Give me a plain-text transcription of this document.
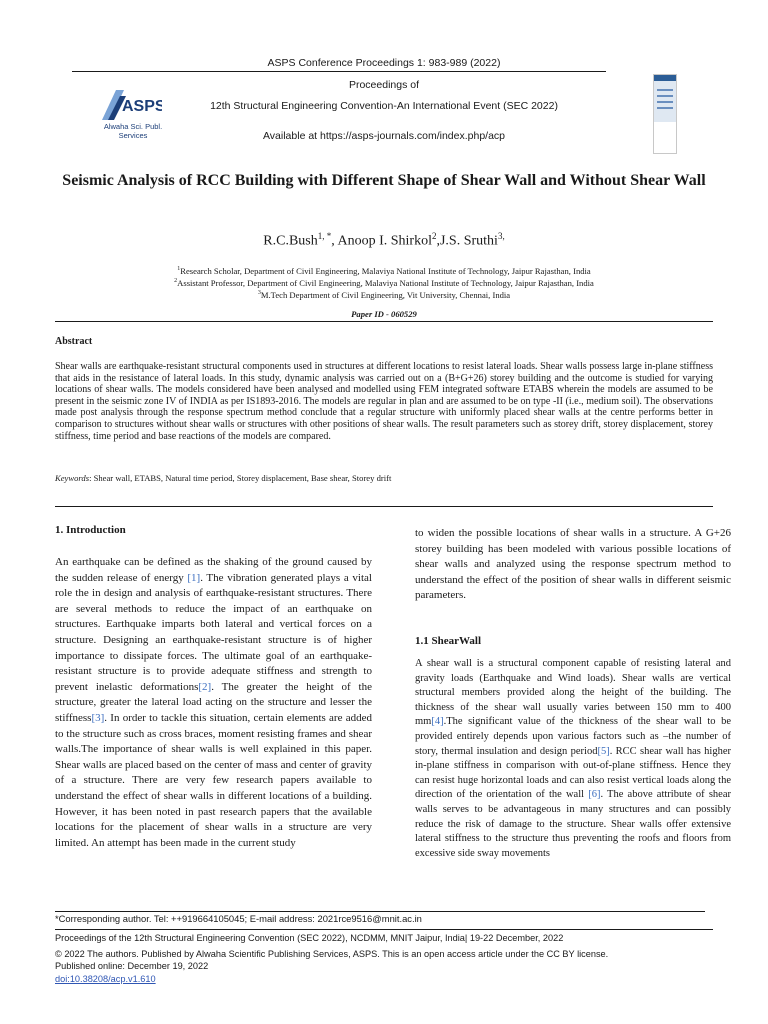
ASPS Conference Proceedings 1: 983-989 (2022)
Proceedings of
12th Structural Engineering Convention-An International Event (SEC 2022)
Available at https://asps-journals.com/index.php/acp
ASPS
Alwaha Sci. Publ. Services
Seismic Analysis of RCC Building with Different Shape of Shear Wall and Without Shear Wall
R.C.Bush$^{1, *}$, Anoop I. Shirkol$^2$,J.S. Sruthi$^{3,}$
$^1$Research Scholar, Department of Civil Engineering, Malaviya National Institute of Technology, Jaipur Rajasthan, India
$^2$Assistant Professor, Department of Civil Engineering, Malaviya National Institute of Technology, Jaipur Rajasthan, India
$^3$M.Tech Department of Civil Engineering, Vit University, Chennai, India
Paper ID - 060529
Abstract
Shear walls are earthquake-resistant structural components used in structures at different locations to resist lateral loads. Shear walls possess large in-plane stiffness that aids in the resistance of lateral loads. In this study, dynamic analysis was carried out on a (B+G+26) storey building and the outcome is studied for varying locations of shear walls. The models considered have been analysed and modelled using FEM integrated software ETABS wherein the models are assumed to be present in the seismic zone IV of INDIA as per IS1893-2016. The models are regular in plan and are assumed to be on type -II (i.e., medium soil). The observations made post analysis through the response spectrum method conclude that a regular structure with uniformly placed shear walls at the centre performs better in comparison to structures without shear walls or structures with other positions of shear walls. The result parameters such as storey drift, storey displacement, storey stiffness, time period and base reactions of the models are compared.
Keywords: Shear wall, ETABS, Natural time period, Storey displacement, Base shear, Storey drift
1. Introduction
An earthquake can be defined as the shaking of the ground caused by the sudden release of energy [1]. The vibration generated plays a vital role the in design and analysis of earthquake-resistant structures. There are several methods to reduce the impact of an earthquake on structures. Earthquake imparts both lateral and vertical forces on a structure. Designing an earthquake-resistant structure is of higher importance to dissipate forces. The ultimate goal of an earthquake-resistant structure is to provide adequate stiffness and strength to prevent inelastic deformations[2]. The greater the height of the structure, greater the lateral load acting on the structure and lesser the stiffness[3]. In order to tackle this situation, certain elements are added to the structure such as cross braces, moment resisting frames and shear walls.The importance of shear walls is well explained in this paper. Shear walls are placed based on the center of mass and center of gravity of a structure. There are very few research papers available to understand the effect of shear walls in different locations of a building. However, it has been noted in past research papers that the available locations for the placement of shear walls in a structure are very limited. An attempt has been made in the current study
to widen the possible locations of shear walls in a structure. A G+26 storey building has been modeled with various possible locations of shear walls and analyzed using the response spectrum method to understand the effect of the position of shear walls in different seismic parameters.
1.1 ShearWall
A shear wall is a structural component capable of resisting lateral and gravity loads (Earthquake and Wind loads). Shear walls are vertical structural members provided along the height of the building. The thickness of the shear wall usually varies between 150 mm to 400 mm[4].The significant value of the thickness of the shear wall to be provided entirely depends upon various factors such as –the number of story, thermal insulation and design period[5]. RCC shear wall has higher in-plane stiffness in comparison with out-of-plane stiffness. Hence they can resist huge horizontal loads and can also resist vertical loads along the direction of the orientation of the wall [6]. The above attribute of shear walls serves to be advantageous in many structures and can possibly reduce the risk of damage to the structure. Shear walls offer extensive lateral stiffness to the structure thus preventing the roofs and floors from excessive side sway movements
*Corresponding author. Tel: ++919664105045; E-mail address: 2021rce9516@mnit.ac.in
Proceedings of the 12th Structural Engineering Convention (SEC 2022), NCDMM, MNIT Jaipur, India| 19-22 December, 2022
© 2022 The authors. Published by Alwaha Scientific Publishing Services, ASPS. This is an open access article under the CC BY license.
Published online: December 19, 2022
doi:10.38208/acp.v1.610
